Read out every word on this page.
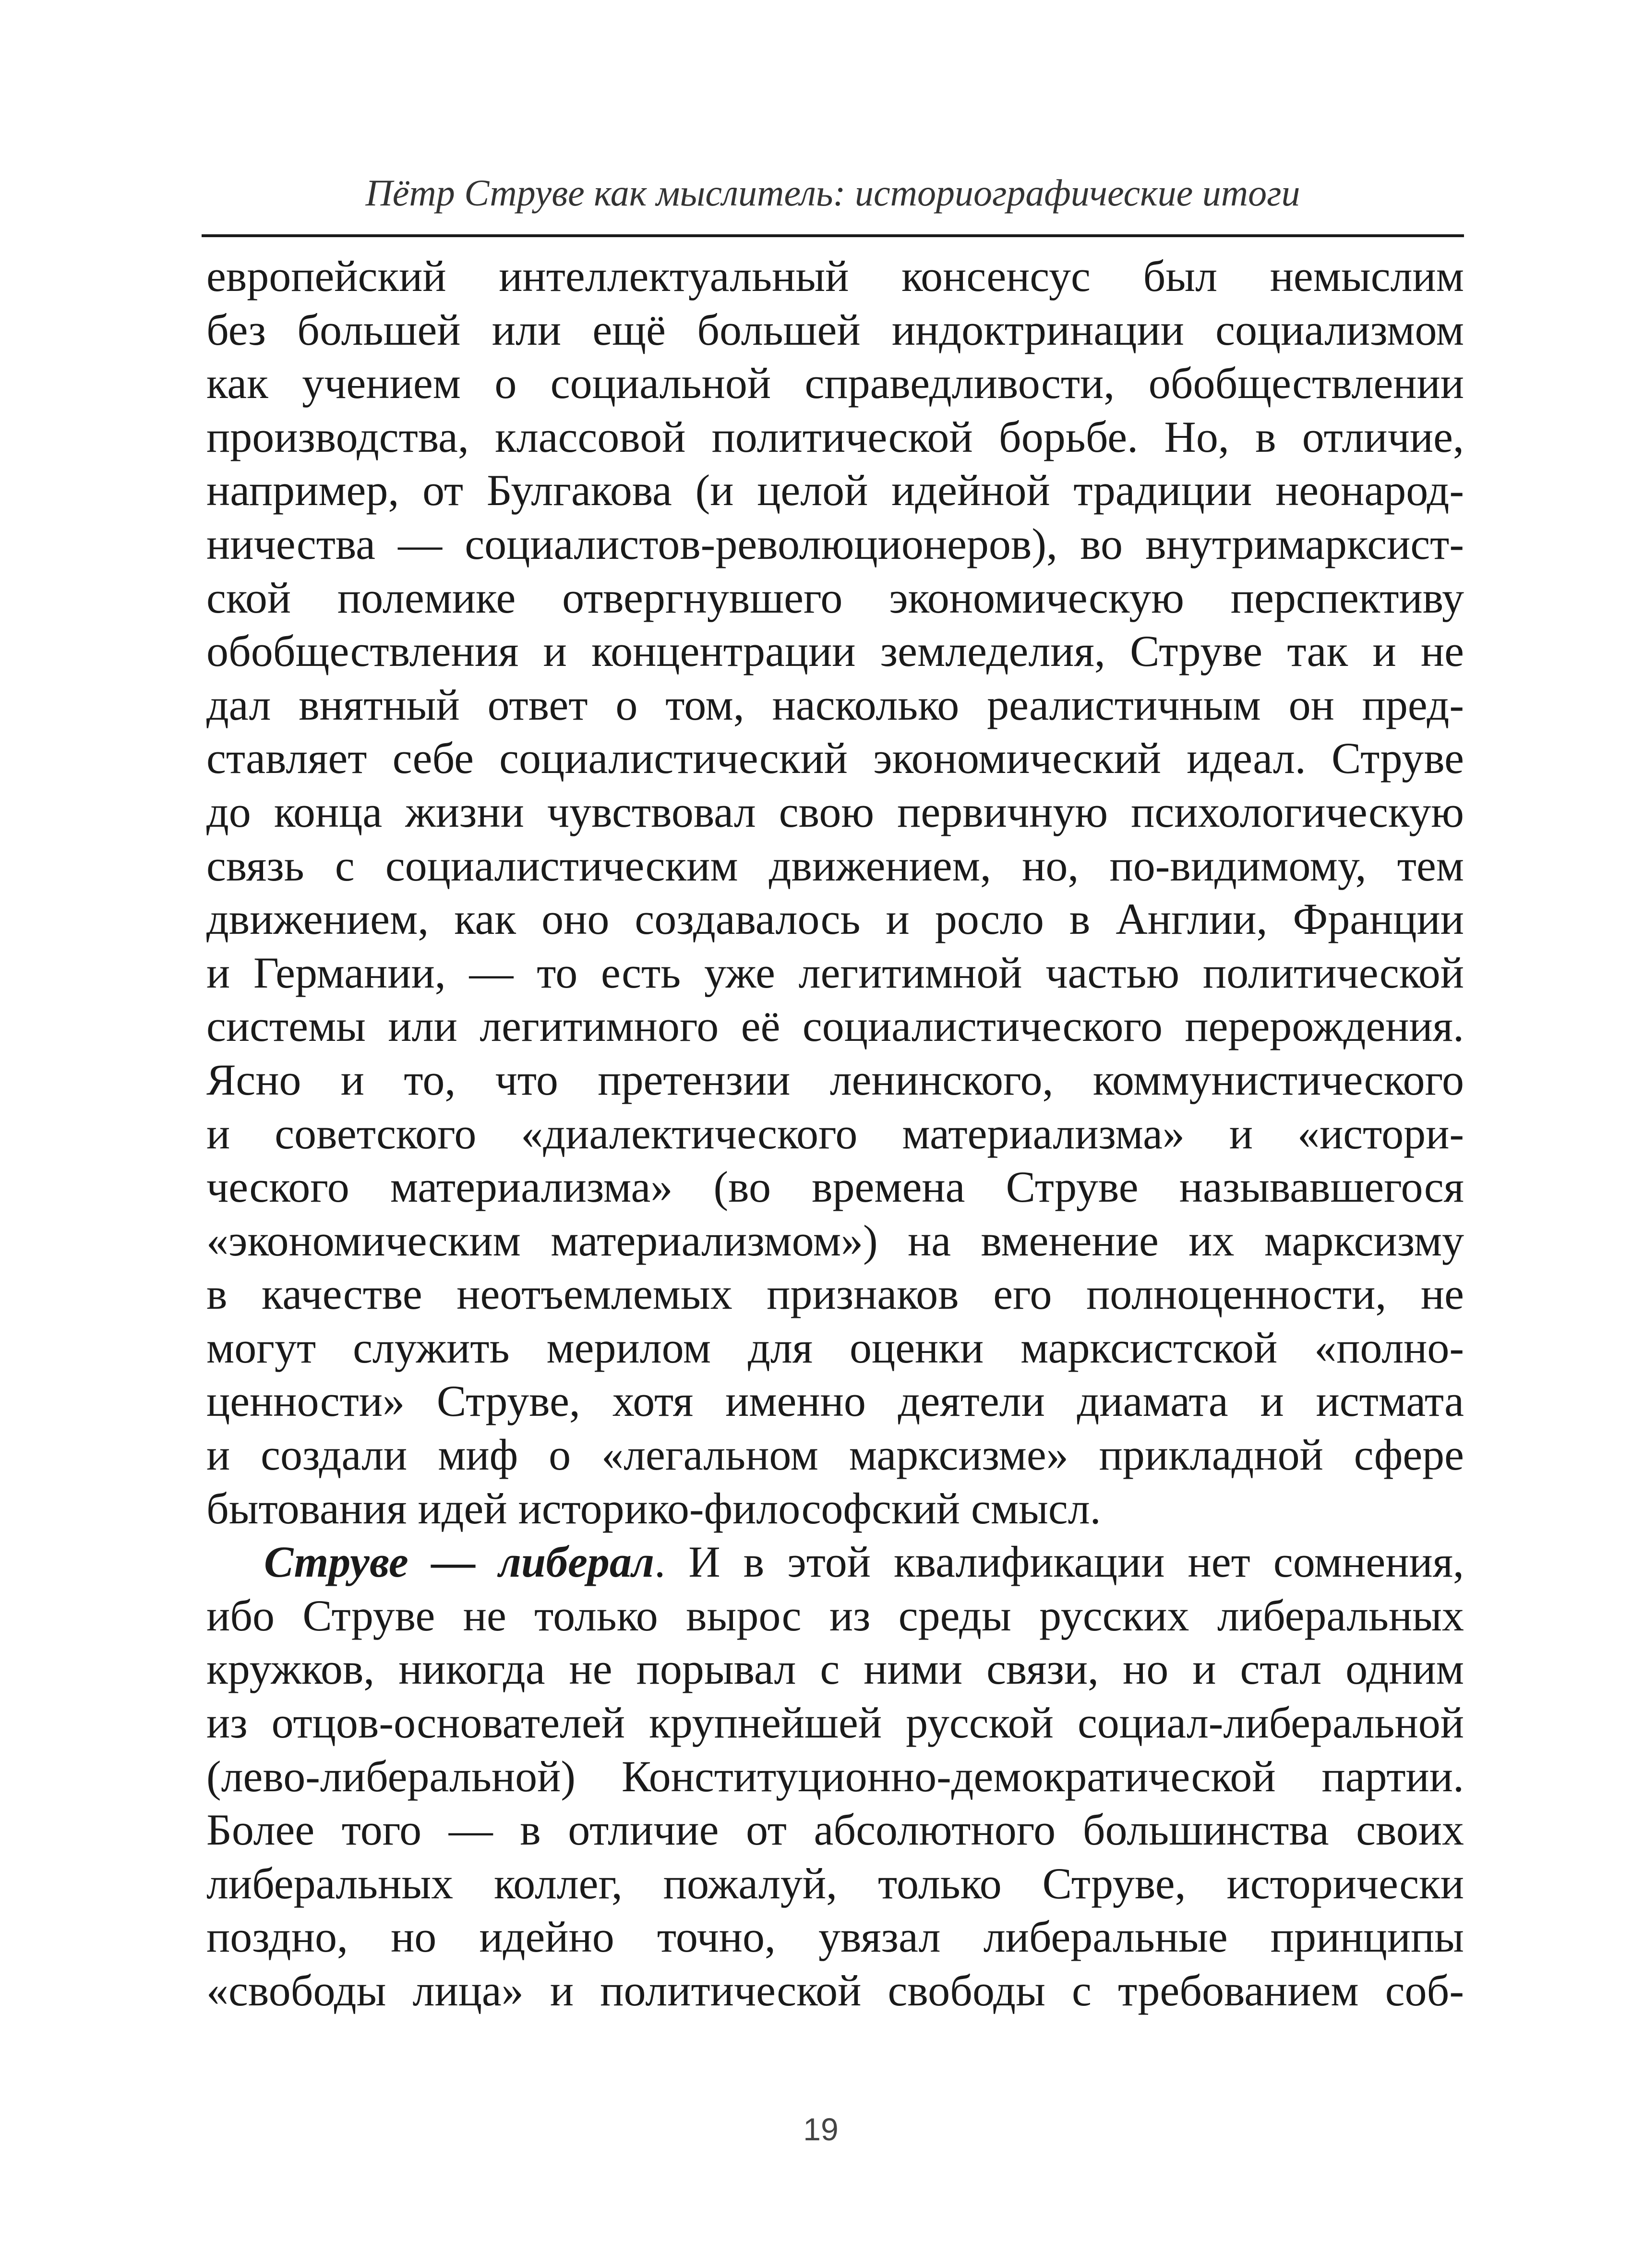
Пётр Струве как мыслитель: историографические итоги
европейский интеллектуальный консенсус был немыслим
без большей или ещё большей индоктринации социализмом
как учением о социальной справедливости, обобществлении
производства, классовой политической борьбе. Но, в отличие,
например, от Булгакова (и целой идейной традиции неонарод-
ничества — социалистов-революционеров), во внутримарксист-
ской полемике отвергнувшего экономическую перспективу
обобществления и концентрации земледелия, Струве так и не
дал внятный ответ о том, насколько реалистичным он пред-
ставляет себе социалистический экономический идеал. Струве
до конца жизни чувствовал свою первичную психологическую
связь с социалистическим движением, но, по-видимому, тем
движением, как оно создавалось и росло в Англии, Франции
и Германии, — то есть уже легитимной частью политической
системы или легитимного её социалистического перерождения.
Ясно и то, что претензии ленинского, коммунистического
и советского «диалектического материализма» и «истори-
ческого материализма» (во времена Струве называвшегося
«экономическим материализмом») на вменение их марксизму
в качестве неотъемлемых признаков его полноценности, не
могут служить мерилом для оценки марксистской «полно-
ценности» Струве, хотя именно деятели диамата и истмата
и создали миф о «легальном марксизме» прикладной сфере
бытования идей историко-философский смысл.
Струве — либерал. И в этой квалификации нет сомнения,
ибо Струве не только вырос из среды русских либеральных
кружков, никогда не порывал с ними связи, но и стал одним
из отцов-основателей крупнейшей русской социал-либеральной
(лево-либеральной) Конституционно-демократической партии.
Более того — в отличие от абсолютного большинства своих
либеральных коллег, пожалуй, только Струве, исторически
поздно, но идейно точно, увязал либеральные принципы
«свободы лица» и политической свободы с требованием соб-
19
